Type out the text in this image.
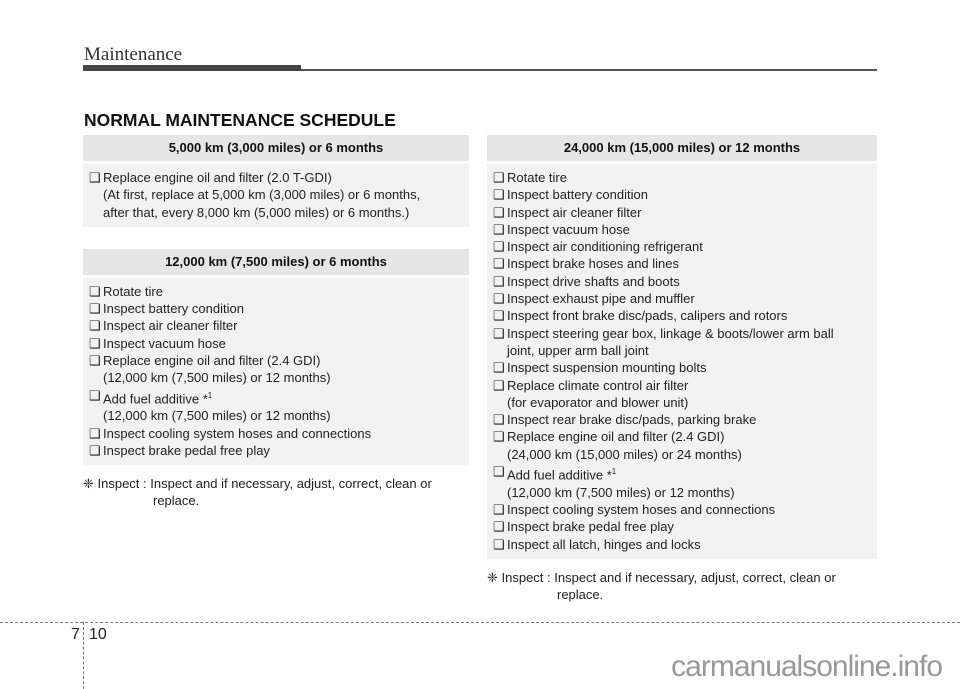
Maintenance
NORMAL MAINTENANCE SCHEDULE
5,000 km (3,000 miles) or 6 months
❑ Replace engine oil and filter (2.0 T-GDI)
(At first, replace at 5,000 km (3,000 miles) or 6 months,
after that, every 8,000 km (5,000 miles) or 6 months.)
12,000 km (7,500 miles) or 6 months
❑ Rotate tire
❑ Inspect battery condition
❑ Inspect air cleaner filter
❑ Inspect vacuum hose
❑ Replace engine oil and filter (2.4 GDI)
(12,000 km (7,500 miles) or 12 months)
❑ Add fuel additive *$^1$
(12,000 km (7,500 miles) or 12 months)
❑ Inspect cooling system hoses and connections
❑ Inspect brake pedal free play
❈ Inspect : Inspect and if necessary, adjust, correct, clean or
replace.
24,000 km (15,000 miles) or 12 months
❑ Rotate tire
❑ Inspect battery condition
❑ Inspect air cleaner filter
❑ Inspect vacuum hose
❑ Inspect air conditioning refrigerant
❑ Inspect brake hoses and lines
❑ Inspect drive shafts and boots
❑ Inspect exhaust pipe and muffler
❑ Inspect front brake disc/pads, calipers and rotors
❑ Inspect steering gear box, linkage & boots/lower arm ball
joint, upper arm ball joint
❑ Inspect suspension mounting bolts
❑ Replace climate control air filter
(for evaporator and blower unit)
❑ Inspect rear brake disc/pads, parking brake
❑ Replace engine oil and filter (2.4 GDI)
(24,000 km (15,000 miles) or 24 months)
❑ Add fuel additive *$^1$
(12,000 km (7,500 miles) or 12 months)
❑ Inspect cooling system hoses and connections
❑ Inspect brake pedal free play
❑ Inspect all latch, hinges and locks
❈ Inspect : Inspect and if necessary, adjust, correct, clean or
replace.
7 10
carmanualsonline.info
